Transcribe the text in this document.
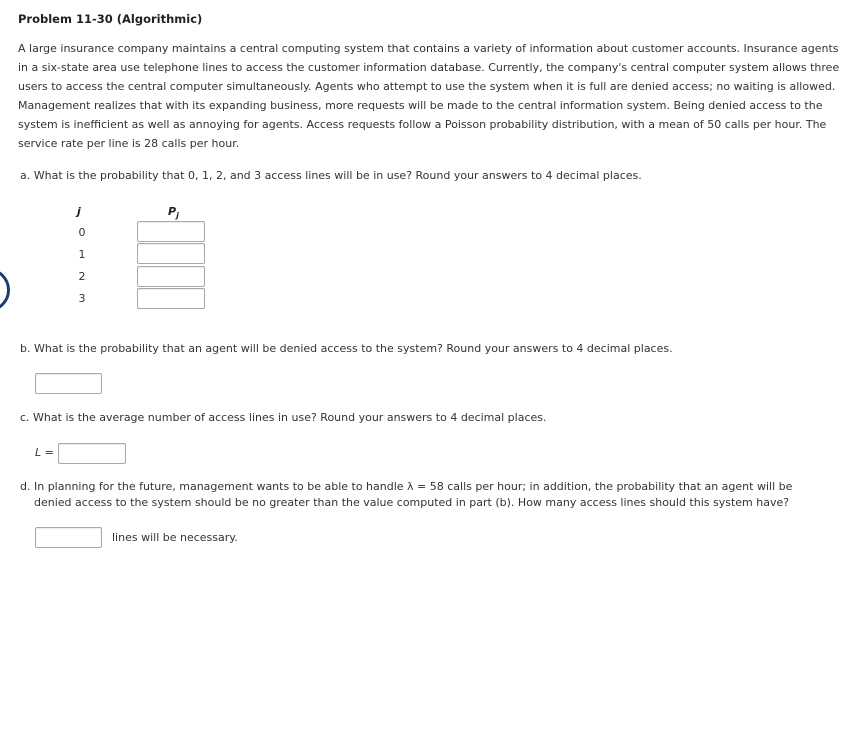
Problem 11-30 (Algorithmic)

A large insurance company maintains a central computing system that contains a variety of information about customer accounts. Insurance agents in a six-state area use telephone lines to access the customer information database. Currently, the company's central computer system allows three users to access the central computer simultaneously. Agents who attempt to use the system when it is full are denied access; no waiting is allowed. Management realizes that with its expanding business, more requests will be made to the central information system. Being denied access to the system is inefficient as well as annoying for agents. Access requests follow a Poisson probability distribution, with a mean of 50 calls per hour. The service rate per line is 28 calls per hour.

a. What is the probability that 0, 1, 2, and 3 access lines will be in use? Round your answers to 4 decimal places.

j	$P_j$
0
1
2
3

b. What is the probability that an agent will be denied access to the system? Round your answers to 4 decimal places.

c. What is the average number of access lines in use? Round your answers to 4 decimal places.

L =

d. In planning for the future, management wants to be able to handle λ = 58 calls per hour; in addition, the probability that an agent will be
denied access to the system should be no greater than the value computed in part (b). How many access lines should this system have?

lines will be necessary.
